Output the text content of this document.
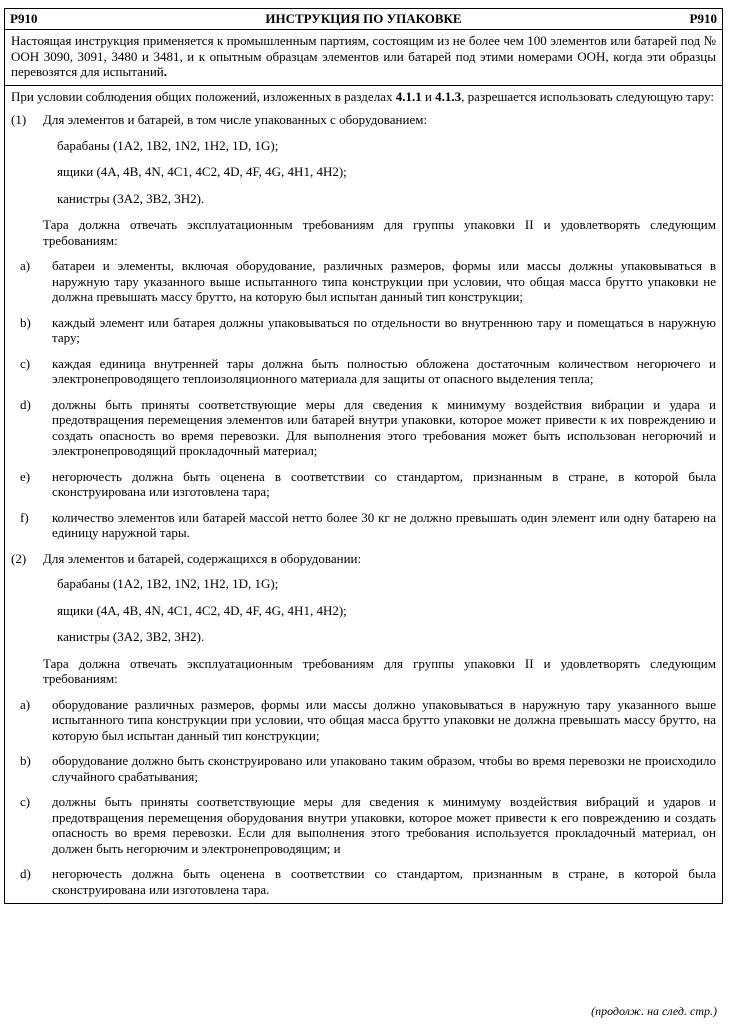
P910	ИНСТРУКЦИЯ ПО УПАКОВКЕ	P910
Настоящая инструкция применяется к промышленным партиям, состоящим из не более чем 100 элементов или батарей под № ООН 3090, 3091, 3480 и 3481, и к опытным образцам элементов или батарей под этими номерами ООН, когда эти образцы перевозятся для испытаний.

При условии соблюдения общих положений, изложенных в разделах 4.1.1 и 4.1.3, разрешается использовать следующую тару:

(1)	Для элементов и батарей, в том числе упакованных с оборудованием:
барабаны (1A2, 1B2, 1N2, 1H2, 1D, 1G);
ящики (4A, 4B, 4N, 4C1, 4C2, 4D, 4F, 4G, 4H1, 4H2);
канистры (3A2, 3B2, 3H2).
Тара должна отвечать эксплуатационным требованиям для группы упаковки II и удовлетворять следующим требованиям:
a)	батареи и элементы, включая оборудование, различных размеров, формы или массы должны упаковываться в наружную тару указанного выше испытанного типа конструкции при условии, что общая масса брутто упаковки не должна превышать массу брутто, на которую был испытан данный тип конструкции;
b)	каждый элемент или батарея должны упаковываться по отдельности во внутреннюю тару и помещаться в наружную тару;
c)	каждая единица внутренней тары должна быть полностью обложена достаточным количеством негорючего и электронепроводящего теплоизоляционного материала для защиты от опасного выделения тепла;
d)	должны быть приняты соответствующие меры для сведения к минимуму воздействия вибрации и удара и предотвращения перемещения элементов или батарей внутри упаковки, которое может привести к их повреждению и создать опасность во время перевозки. Для выполнения этого требования может быть использован негорючий и электронепроводящий прокладочный материал;
e)	негорючесть должна быть оценена в соответствии со стандартом, признанным в стране, в которой была сконструирована или изготовлена тара;
f)	количество элементов или батарей массой нетто более 30 кг не должно превышать один элемент или одну батарею на единицу наружной тары.
(2)	Для элементов и батарей, содержащихся в оборудовании:
барабаны (1A2, 1B2, 1N2, 1H2, 1D, 1G);
ящики (4A, 4B, 4N, 4C1, 4C2, 4D, 4F, 4G, 4H1, 4H2);
канистры (3A2, 3B2, 3H2).
Тара должна отвечать эксплуатационным требованиям для группы упаковки II и удовлетворять следующим требованиям:
a)	оборудование различных размеров, формы или массы должно упаковываться в наружную тару указанного выше испытанного типа конструкции при условии, что общая масса брутто упаковки не должна превышать массу брутто, на которую был испытан данный тип конструкции;
b)	оборудование должно быть сконструировано или упаковано таким образом, чтобы во время перевозки не происходило случайного срабатывания;
c)	должны быть приняты соответствующие меры для сведения к минимуму воздействия вибраций и ударов и предотвращения перемещения оборудования внутри упаковки, которое может привести к его повреждению и создать опасность во время перевозки. Если для выполнения этого требования используется прокладочный материал, он должен быть негорючим и электронепроводящим; и
d)	негорючесть должна быть оценена в соответствии со стандартом, признанным в стране, в которой была сконструирована или изготовлена тара.
(продолж. на след. стр.)
